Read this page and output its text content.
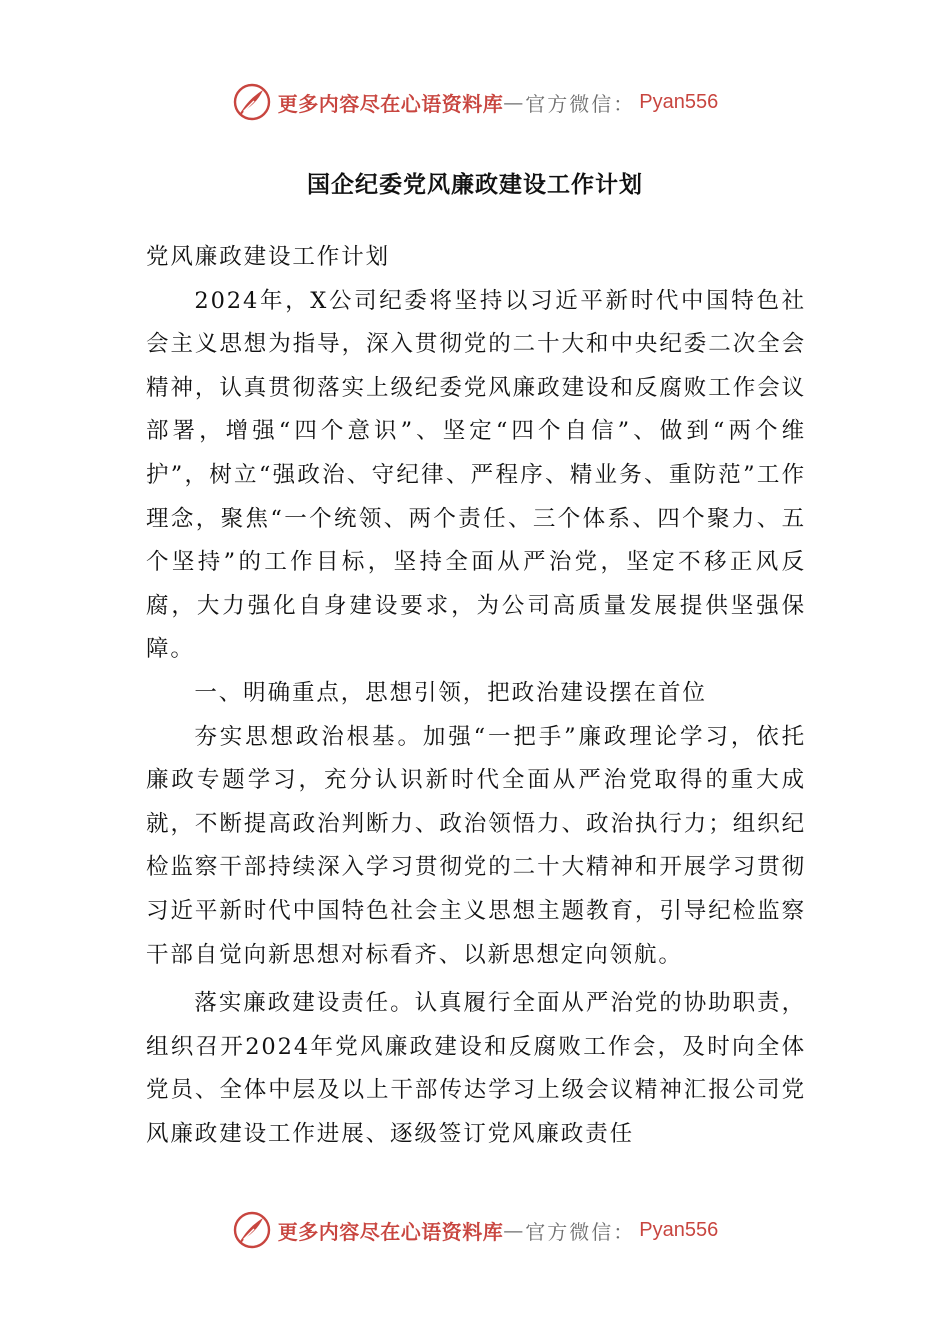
更多内容尽在心语资料库 — 官方微信： Pyan556
国企纪委党风廉政建设工作计划

党风廉政建设工作计划

2024年，X公司纪委将坚持以习近平新时代中国特色社会主义思想为指导，深入贯彻党的二十大和中央纪委二次全会精神，认真贯彻落实上级纪委党风廉政建设和反腐败工作会议部署，增强“四个意识”、坚定“四个自信”、做到“两个维护”，树立“强政治、守纪律、严程序、精业务、重防范”工作理念，聚焦“一个统领、两个责任、三个体系、四个聚力、五个坚持”的工作目标，坚持全面从严治党，坚定不移正风反腐，大力强化自身建设要求，为公司高质量发展提供坚强保障。

一、明确重点，思想引领，把政治建设摆在首位

夯实思想政治根基。加强“一把手”廉政理论学习，依托廉政专题学习，充分认识新时代全面从严治党取得的重大成就，不断提高政治判断力、政治领悟力、政治执行力；组织纪检监察干部持续深入学习贯彻党的二十大精神和开展学习贯彻习近平新时代中国特色社会主义思想主题教育，引导纪检监察干部自觉向新思想对标看齐、以新思想定向领航。

落实廉政建设责任。认真履行全面从严治党的协助职责，组织召开2024年党风廉政建设和反腐败工作会，及时向全体党员、全体中层及以上干部传达学习上级会议精神汇报公司党风廉政建设工作进展、逐级签订党风廉政责任

更多内容尽在心语资料库 — 官方微信： Pyan556
